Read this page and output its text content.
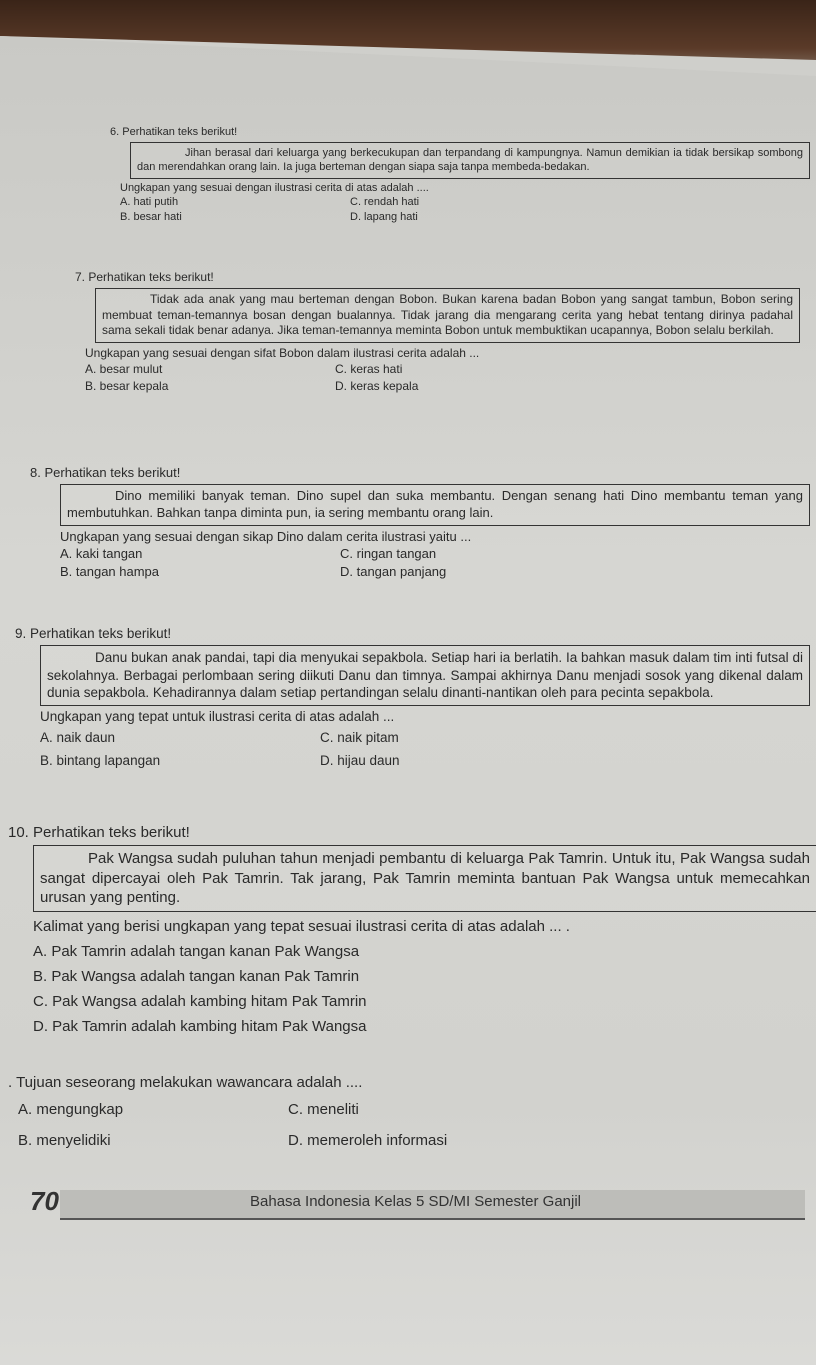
6. Perhatikan teks berikut!
Jihan berasal dari keluarga yang berkecukupan dan terpandang di kampungnya. Namun demikian ia tidak bersikap sombong dan merendahkan orang lain. Ia juga berteman dengan siapa saja tanpa membeda-bedakan.
Ungkapan yang sesuai dengan ilustrasi cerita di atas adalah ....
A. hati putih	C. rendah hati
B. besar hati	D. lapang hati
7. Perhatikan teks berikut!
Tidak ada anak yang mau berteman dengan Bobon. Bukan karena badan Bobon yang sangat tambun, Bobon sering membuat teman-temannya bosan dengan bualannya. Tidak jarang dia mengarang cerita yang hebat tentang dirinya padahal sama sekali tidak benar adanya. Jika teman-temannya meminta Bobon untuk membuktikan ucapannya, Bobon selalu berkilah.
Ungkapan yang sesuai dengan sifat Bobon dalam ilustrasi cerita adalah ...
A. besar mulut	C. keras hati
B. besar kepala	D. keras kepala
8. Perhatikan teks berikut!
Dino memiliki banyak teman. Dino supel dan suka membantu. Dengan senang hati Dino membantu teman yang membutuhkan. Bahkan tanpa diminta pun, ia sering membantu orang lain.
Ungkapan yang sesuai dengan sikap Dino dalam cerita ilustrasi yaitu ...
A. kaki tangan	C. ringan tangan
B. tangan hampa	D. tangan panjang
9. Perhatikan teks berikut!
Danu bukan anak pandai, tapi dia menyukai sepakbola. Setiap hari ia berlatih. Ia bahkan masuk dalam tim inti futsal di sekolahnya. Berbagai perlombaan sering diikuti Danu dan timnya. Sampai akhirnya Danu menjadi sosok yang dikenal dalam dunia sepakbola. Kehadirannya dalam setiap pertandingan selalu dinanti-nantikan oleh para pecinta sepakbola.
Ungkapan yang tepat untuk ilustrasi cerita di atas adalah ...
A. naik daun	C. naik pitam
B. bintang lapangan	D. hijau daun
10. Perhatikan teks berikut!
Pak Wangsa sudah puluhan tahun menjadi pembantu di keluarga Pak Tamrin. Untuk itu, Pak Wangsa sudah sangat dipercayai oleh Pak Tamrin. Tak jarang, Pak Tamrin meminta bantuan Pak Wangsa untuk memecahkan urusan yang penting.
Kalimat yang berisi ungkapan yang tepat sesuai ilustrasi cerita di atas adalah ... .
A. Pak Tamrin adalah tangan kanan Pak Wangsa
B. Pak Wangsa adalah tangan kanan Pak Tamrin
C. Pak Wangsa adalah kambing hitam Pak Tamrin
D. Pak Tamrin adalah kambing hitam Pak Wangsa
. Tujuan seseorang melakukan wawancara adalah ....
A. mengungkap	C. meneliti
B. menyelidiki	D. memeroleh informasi
70	Bahasa Indonesia Kelas 5 SD/MI Semester Ganjil
